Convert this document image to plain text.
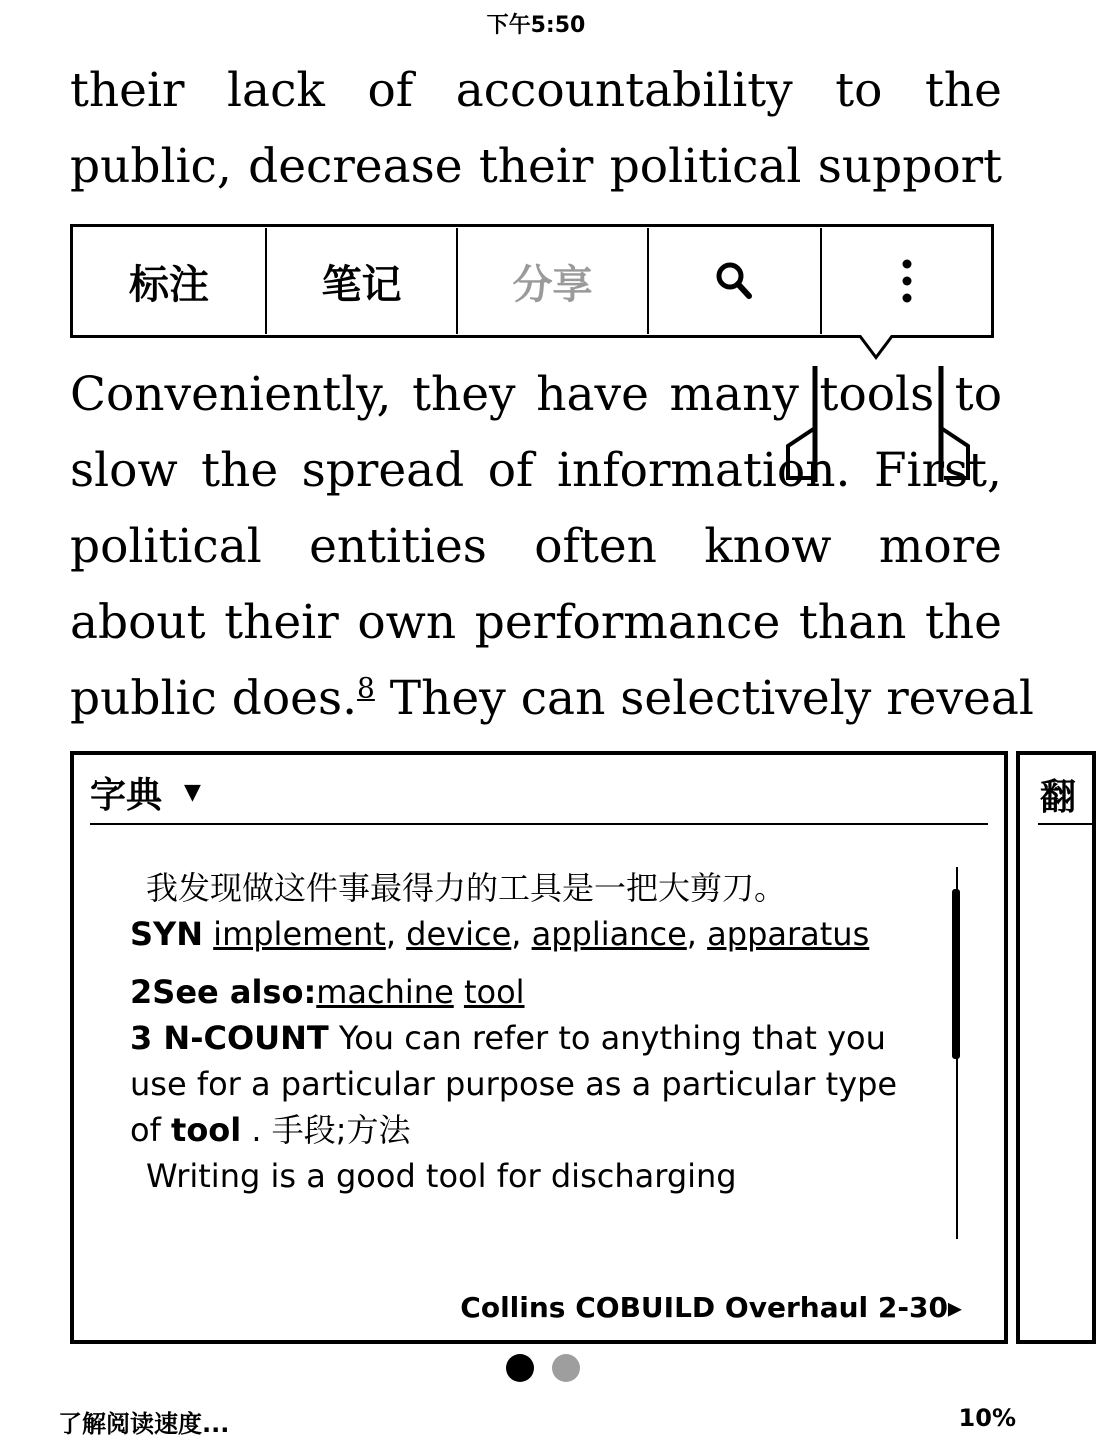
下午5:50
their lack of accountability to the
public, decrease their political support
Conveniently, they have many tools to
slow the spread of information. First,
political entities often know more
about their own performance than the
public does.$^8$ They can selectively reveal
标注	笔记	分享
字典 ▼

我发现做这件事最得力的工具是一把大剪刀。

SYN implement, device, appliance, apparatus

2See also:machine tool

3 N-COUNT You can refer to anything that you use for a particular purpose as a particular type of tool . 手段;方法

Writing is a good tool for discharging

Collins COBUILD Overhaul 2-30▸
翻
了解阅读速度...	10%
